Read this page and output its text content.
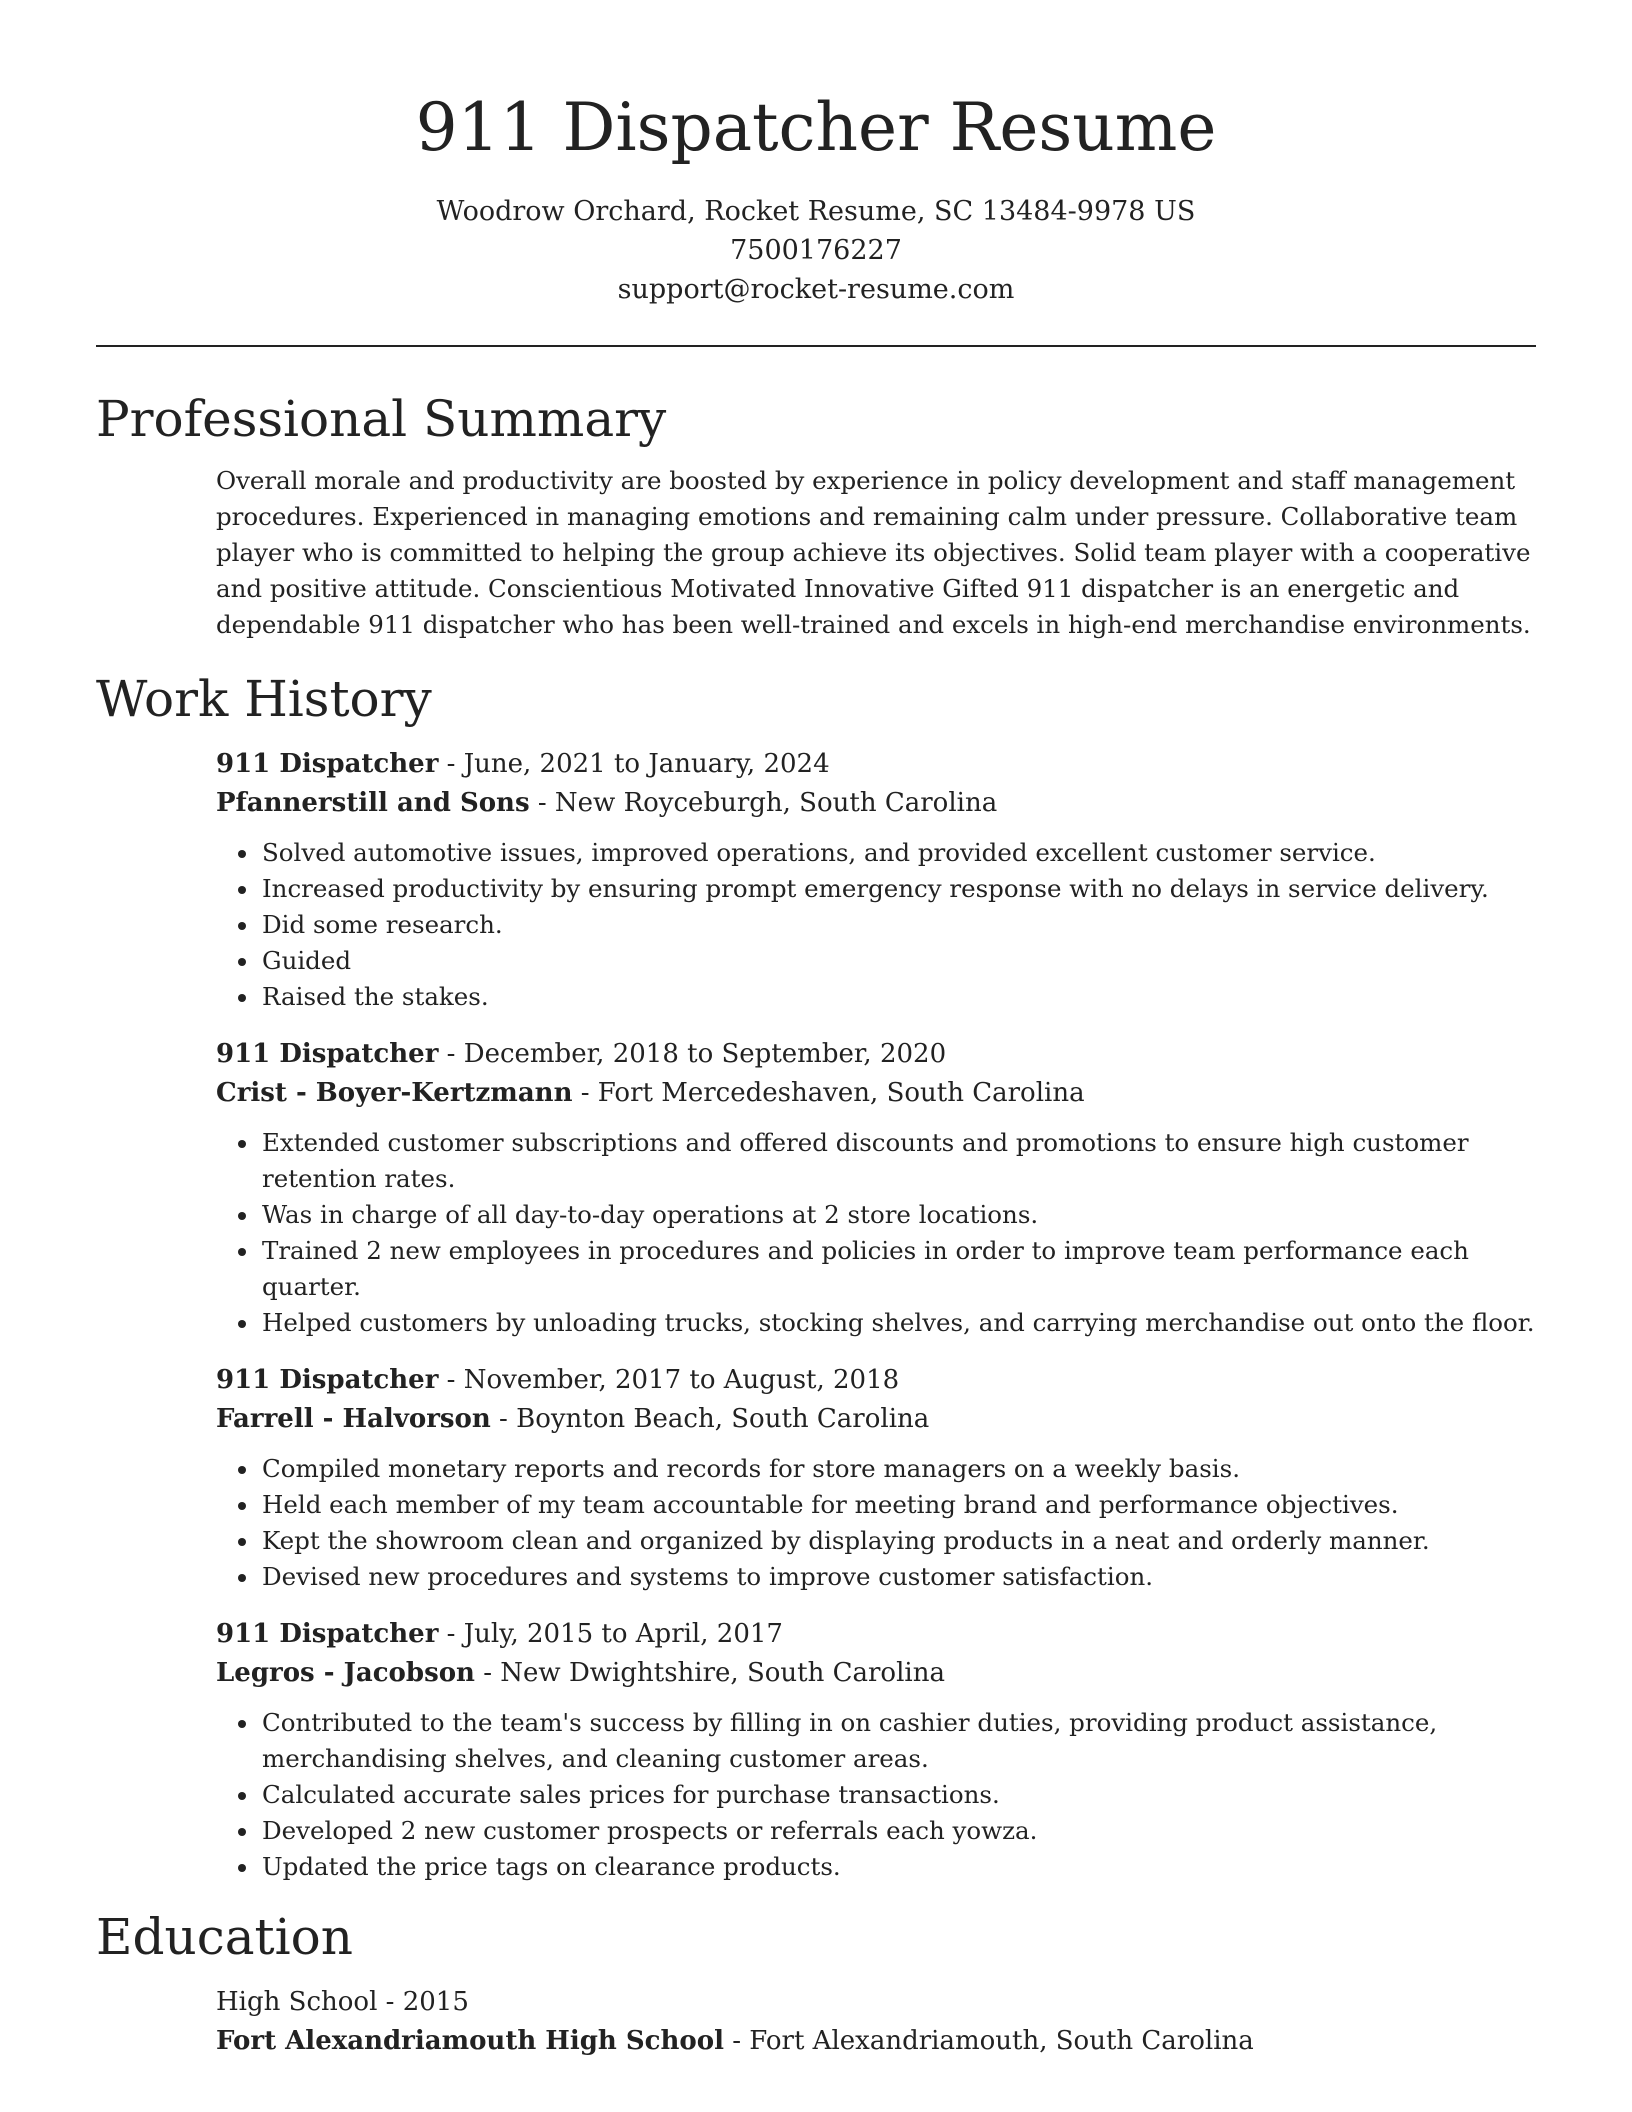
911 Dispatcher Resume
Woodrow Orchard, Rocket Resume, SC 13484-9978 US
7500176227
support@rocket-resume.com
Professional Summary
Overall morale and productivity are boosted by experience in policy development and staff management procedures. Experienced in managing emotions and remaining calm under pressure. Collaborative team player who is committed to helping the group achieve its objectives. Solid team player with a cooperative and positive attitude. Conscientious Motivated Innovative Gifted 911 dispatcher is an energetic and dependable 911 dispatcher who has been well-trained and excels in high-end merchandise environments.
Work History
911 Dispatcher - June, 2021 to January, 2024
Pfannerstill and Sons - New Royceburgh, South Carolina
• Solved automotive issues, improved operations, and provided excellent customer service.
• Increased productivity by ensuring prompt emergency response with no delays in service delivery.
• Did some research.
• Guided
• Raised the stakes.
911 Dispatcher - December, 2018 to September, 2020
Crist - Boyer-Kertzmann - Fort Mercedeshaven, South Carolina
• Extended customer subscriptions and offered discounts and promotions to ensure high customer retention rates.
• Was in charge of all day-to-day operations at 2 store locations.
• Trained 2 new employees in procedures and policies in order to improve team performance each quarter.
• Helped customers by unloading trucks, stocking shelves, and carrying merchandise out onto the floor.
911 Dispatcher - November, 2017 to August, 2018
Farrell - Halvorson - Boynton Beach, South Carolina
• Compiled monetary reports and records for store managers on a weekly basis.
• Held each member of my team accountable for meeting brand and performance objectives.
• Kept the showroom clean and organized by displaying products in a neat and orderly manner.
• Devised new procedures and systems to improve customer satisfaction.
911 Dispatcher - July, 2015 to April, 2017
Legros - Jacobson - New Dwightshire, South Carolina
• Contributed to the team's success by filling in on cashier duties, providing product assistance, merchandising shelves, and cleaning customer areas.
• Calculated accurate sales prices for purchase transactions.
• Developed 2 new customer prospects or referrals each yowza.
• Updated the price tags on clearance products.
Education
High School - 2015
Fort Alexandriamouth High School - Fort Alexandriamouth, South Carolina
